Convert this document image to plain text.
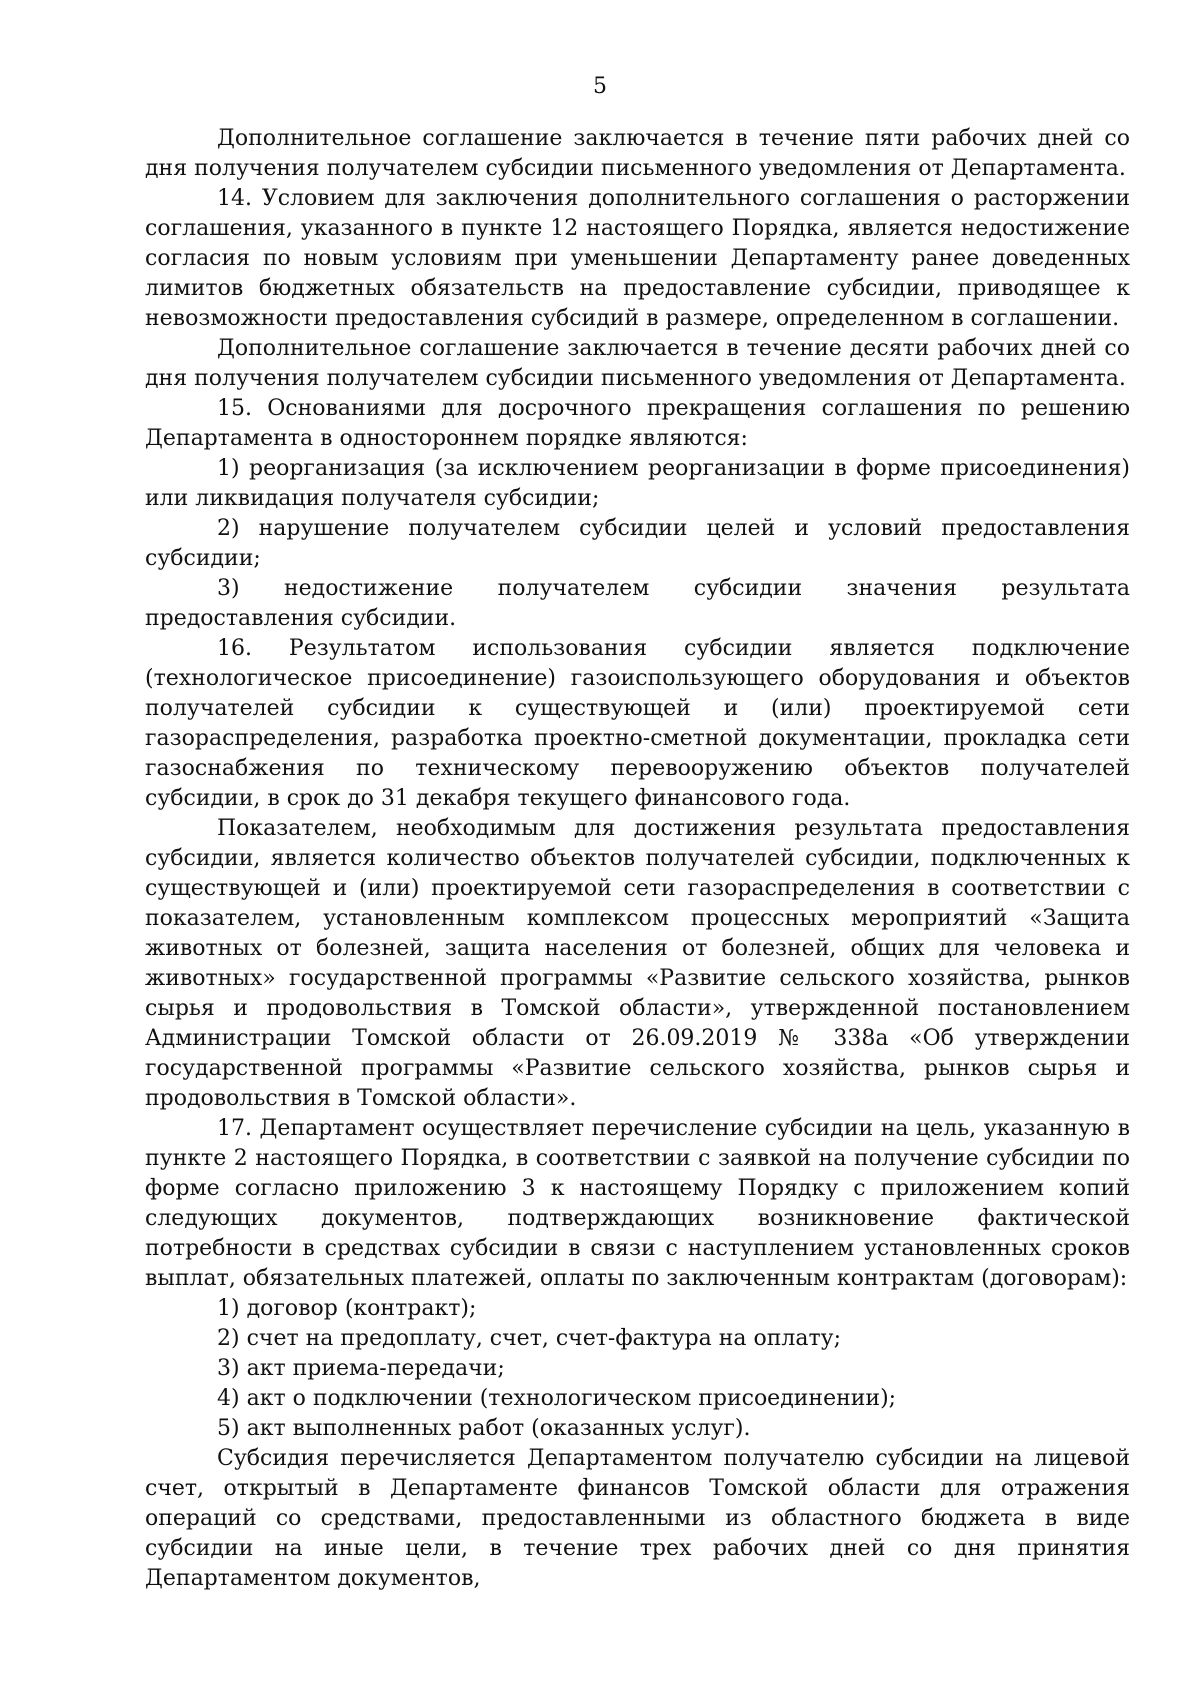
5

Дополнительное соглашение заключается в течение пяти рабочих дней со дня получения получателем субсидии письменного уведомления от Департамента.

14. Условием для заключения дополнительного соглашения о расторжении соглашения, указанного в пункте 12 настоящего Порядка, является недостижение согласия по новым условиям при уменьшении Департаменту ранее доведенных лимитов бюджетных обязательств на предоставление субсидии, приводящее к невозможности предоставления субсидий в размере, определенном в соглашении.

Дополнительное соглашение заключается в течение десяти рабочих дней со дня получения получателем субсидии письменного уведомления от Департамента.

15. Основаниями для досрочного прекращения соглашения по решению Департамента в одностороннем порядке являются:

1) реорганизация (за исключением реорганизации в форме присоединения) или ликвидация получателя субсидии;

2) нарушение получателем субсидии целей и условий предоставления субсидии;

3) недостижение получателем субсидии значения результата предоставления субсидии.

16. Результатом использования субсидии является подключение (технологическое присоединение) газоиспользующего оборудования и объектов получателей субсидии к существующей и (или) проектируемой сети газораспределения, разработка проектно-сметной документации, прокладка сети газоснабжения по техническому перевооружению объектов получателей субсидии, в срок до 31 декабря текущего финансового года.

Показателем, необходимым для достижения результата предоставления субсидии, является количество объектов получателей субсидии, подключенных к существующей и (или) проектируемой сети газораспределения в соответствии с показателем, установленным комплексом процессных мероприятий «Защита животных от болезней, защита населения от болезней, общих для человека и животных» государственной программы «Развитие сельского хозяйства, рынков сырья и продовольствия в Томской области», утвержденной постановлением Администрации Томской области от 26.09.2019 № 338а «Об утверждении государственной программы «Развитие сельского хозяйства, рынков сырья и продовольствия в Томской области».

17. Департамент осуществляет перечисление субсидии на цель, указанную в пункте 2 настоящего Порядка, в соответствии с заявкой на получение субсидии по форме согласно приложению 3 к настоящему Порядку с приложением копий следующих документов, подтверждающих возникновение фактической потребности в средствах субсидии в связи с наступлением установленных сроков выплат, обязательных платежей, оплаты по заключенным контрактам (договорам):

1) договор (контракт);

2) счет на предоплату, счет, счет-фактура на оплату;

3) акт приема-передачи;

4) акт о подключении (технологическом присоединении);

5) акт выполненных работ (оказанных услуг).

Субсидия перечисляется Департаментом получателю субсидии на лицевой счет, открытый в Департаменте финансов Томской области для отражения операций со средствами, предоставленными из областного бюджета в виде субсидии на иные цели, в течение трех рабочих дней со дня принятия Департаментом документов,
